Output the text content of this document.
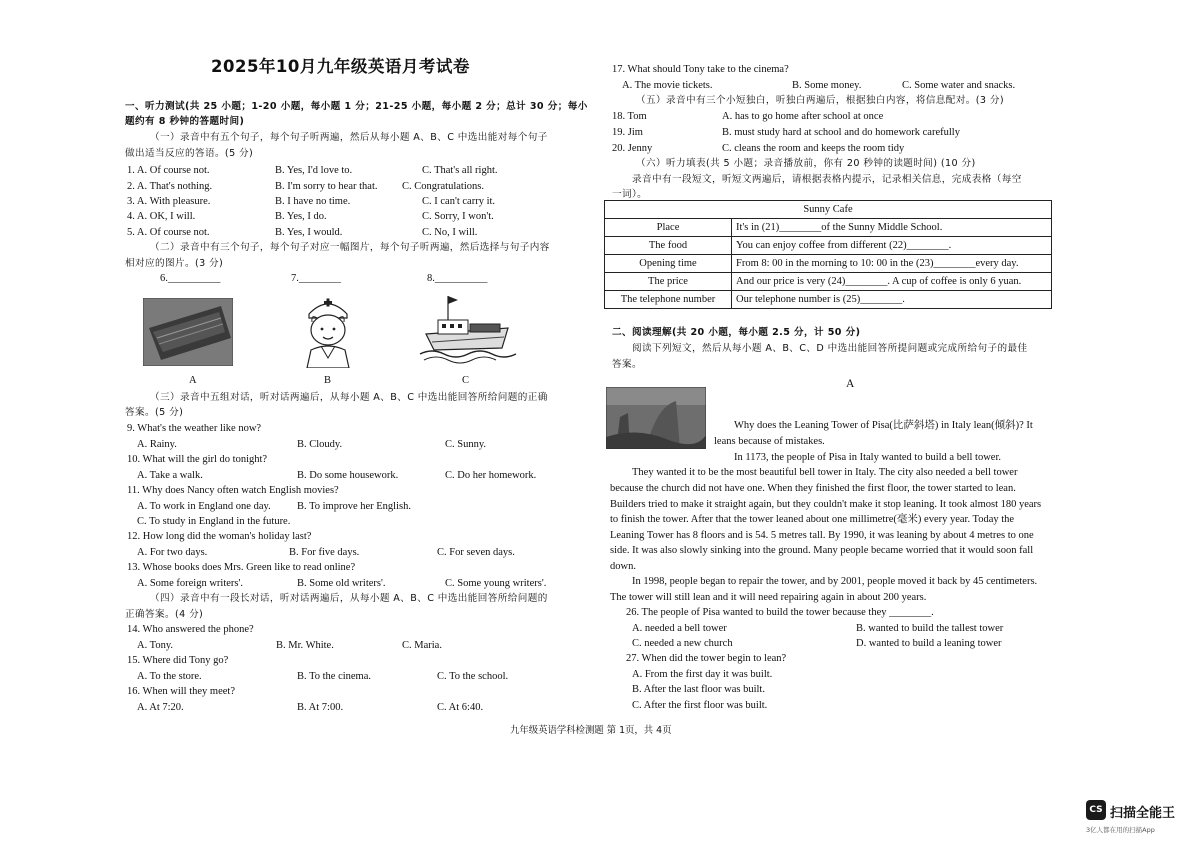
2025年10月九年级英语月考试卷
一、听力测试(共 25 小题；1-20 小题，每小题 1 分；21-25 小题，每小题 2 分；总计 30 分；每小
题约有 8 秒钟的答题时间)
（一）录音中有五个句子，每个句子听两遍，然后从每小题 A、B、C 中选出能对每个句子
做出适当反应的答语。(5 分)
1. A. Of course not.	B. Yes, I'd love to.	C. That's all right.
2. A. That's nothing.	B. I'm sorry to hear that. C. Congratulations.
3. A. With pleasure.	B. I have no time.	C. I can't carry it.
4. A. OK, I will.	B. Yes, I do.	C. Sorry, I won't.
5. A. Of course not.	B. Yes, I would.	C. No, I will.
（二）录音中有三个句子，每个句子对应一幅图片，每个句子听两遍，然后选择与句子内容
相对应的图片。(3 分)
6.__________	7.________	8.__________
A	B	C
（三）录音中五组对话，听对话两遍后，从每小题 A、B、C 中选出能回答所给问题的正确
答案。(5 分)
9. What's the weather like now?
A. Rainy.	B. Cloudy.	C. Sunny.
10. What will the girl do tonight?
A. Take a walk.	B. Do some housework.	C. Do her homework.
11. Why does Nancy often watch English movies?
A. To work in England one day.	B. To improve her English.
C. To study in England in the future.
12. How long did the woman's holiday last?
A. For two days.	B. For five days.	C. For seven days.
13. Whose books does Mrs. Green like to read online?
A. Some foreign writers'.	B. Some old writers'.	C. Some young writers'.
（四）录音中有一段长对话，听对话两遍后，从每小题 A、B、C 中选出能回答所给问题的
正确答案。(4 分)
14. Who answered the phone?
A. Tony.	B. Mr. White.	C. Maria.
15. Where did Tony go?
A. To the store.	B. To the cinema.	C. To the school.
16. When will they meet?
A. At 7:20.	B. At 7:00.	C. At 6:40.
17. What should Tony take to the cinema?
A. The movie tickets.	B. Some money.	C. Some water and snacks.
（五）录音中有三个小短独白，听独白两遍后，根据独白内容，将信息配对。(3 分)
18. Tom	A. has to go home after school at once
19. Jim	B. must study hard at school and do homework carefully
20. Jenny	C. cleans the room and keeps the room tidy
（六）听力填表(共 5 小题；录音播放前，你有 20 秒钟的读题时间) (10 分)
录音中有一段短文，听短文两遍后，请根据表格内提示，记录相关信息，完成表格（每空
一词）。
Sunny Cafe	
Place	It's in (21)________of the Sunny Middle School.
The food	You can enjoy coffee from different (22)________.
Opening time	From 8: 00 in the morning to 10: 00 in the (23)________every day.
The price	And our price is very (24)________. A cup of coffee is only 6 yuan.
The telephone number	Our telephone number is (25)________.
二、阅读理解(共 20 小题，每小题 2.5 分，计 50 分)
阅读下列短文，然后从每小题 A、B、C、D 中选出能回答所提问题或完成所给句子的最佳
答案。
A
Why does the Leaning Tower of Pisa(比萨斜塔) in Italy lean(倾斜)? It
leans because of mistakes.
In 1173, the people of Pisa in Italy wanted to build a bell tower.
They wanted it to be the most beautiful bell tower in Italy. The city also needed a bell tower
because the church did not have one. When they finished the first floor, the tower started to lean.
Builders tried to make it straight again, but they couldn't make it stop leaning. It took almost 180 years
to finish the tower. After that the tower leaned about one millimetre(毫米) every year. Today the
Leaning Tower has 8 floors and is 54. 5 metres tall. By 1990, it was leaning by about 4 metres to one
side. It was also slowly sinking into the ground. Many people became worried that it would soon fall
down.
In 1998, people began to repair the tower, and by 2001, people moved it back by 45 centimeters.
The tower will still lean and it will need repairing again in about 200 years.
26. The people of Pisa wanted to build the tower because they ________.
A. needed a bell tower	B. wanted to build the tallest tower
C. needed a new church	D. wanted to build a leaning tower
27. When did the tower begin to lean?
A. From the first day it was built.
B. After the last floor was built.
C. After the first floor was built.
九年级英语学科检测题 第 1页，共 4页
CS 扫描全能王
3亿人都在用的扫描App
